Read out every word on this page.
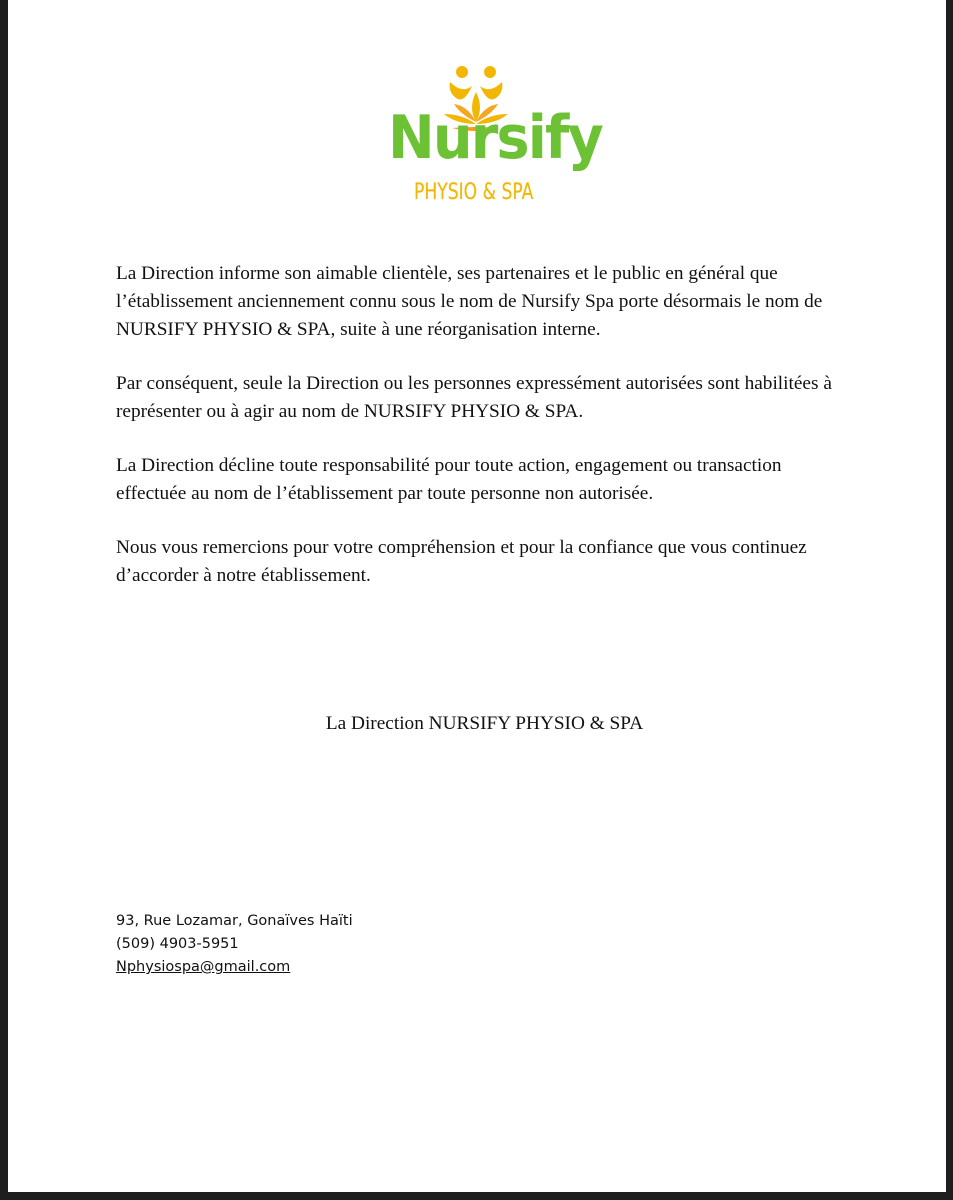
Nursify
PHYSIO & SPA

La Direction informe son aimable clientèle, ses partenaires et le public en général que l’établissement anciennement connu sous le nom de Nursify Spa porte désormais le nom de NURSIFY PHYSIO & SPA, suite à une réorganisation interne.

Par conséquent, seule la Direction ou les personnes expressément autorisées sont habilitées à représenter ou à agir au nom de NURSIFY PHYSIO & SPA.

La Direction décline toute responsabilité pour toute action, engagement ou transaction effectuée au nom de l’établissement par toute personne non autorisée.

Nous vous remercions pour votre compréhension et pour la confiance que vous continuez d’accorder à notre établissement.

La Direction NURSIFY PHYSIO & SPA
93, Rue Lozamar, Gonaïves Haïti
(509) 4903-5951
Nphysiospa@gmail.com
